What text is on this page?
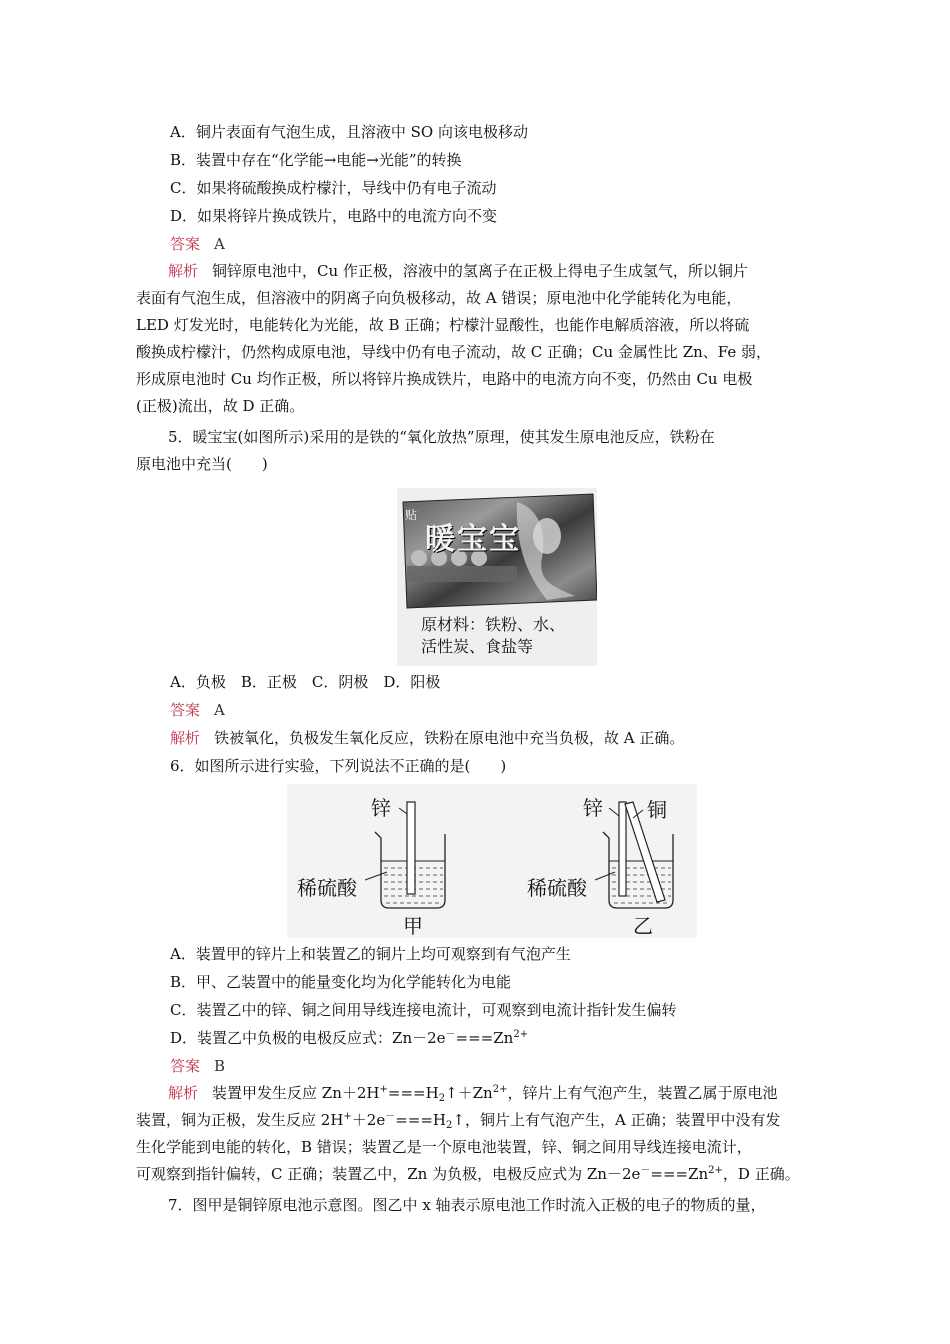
A．铜片表面有气泡生成，且溶液中 SO 向该电极移动
B．装置中存在“化学能→电能→光能”的转换
C．如果将硫酸换成柠檬汁，导线中仍有电子流动
D．如果将锌片换成铁片，电路中的电流方向不变
答案 A
解析 铜锌原电池中，Cu 作正极，溶液中的氢离子在正极上得电子生成氢气，所以铜片
表面有气泡生成，但溶液中的阴离子向负极移动，故 A 错误；原电池中化学能转化为电能，
LED 灯发光时，电能转化为光能，故 B 正确；柠檬汁显酸性，也能作电解质溶液，所以将硫
酸换成柠檬汁，仍然构成原电池，导线中仍有电子流动，故 C 正确；Cu 金属性比 Zn、Fe 弱，
形成原电池时 Cu 均作正极，所以将锌片换成铁片，电路中的电流方向不变，仍然由 Cu 电极
(正极)流出，故 D 正确。
5．暖宝宝(如图所示)采用的是铁的“氧化放热”原理，使其发生原电池反应，铁粉在
原电池中充当(　　)
贴
暖宝宝
原材料：铁粉、水、
活性炭、食盐等
A．负极　B．正极　C．阴极　D．阳极
答案 A
解析 铁被氧化，负极发生氧化反应，铁粉在原电池中充当负极，故 A 正确。
6．如图所示进行实验，下列说法不正确的是(　　)
锌
稀硫酸
甲
锌 铜
稀硫酸
乙
A．装置甲的锌片上和装置乙的铜片上均可观察到有气泡产生
B．甲、乙装置中的能量变化均为化学能转化为电能
C．装置乙中的锌、铜之间用导线连接电流计，可观察到电流计指针发生偏转
D．装置乙中负极的电极反应式：$Zn-2e^-===Zn^{2+}$
答案 B
解析 装置甲发生反应 $Zn+2H^+===H_2↑+Zn^{2+}$，锌片上有气泡产生，装置乙属于原电池
装置，铜为正极，发生反应 $2H^++2e^-===H_2↑$，铜片上有气泡产生，A 正确；装置甲中没有发
生化学能到电能的转化，B 错误；装置乙是一个原电池装置，锌、铜之间用导线连接电流计，
可观察到指针偏转，C 正确；装置乙中，Zn 为负极，电极反应式为 $Zn-2e^-===Zn^{2+}$，D 正确。
7．图甲是铜锌原电池示意图。图乙中 x 轴表示原电池工作时流入正极的电子的物质的量，
